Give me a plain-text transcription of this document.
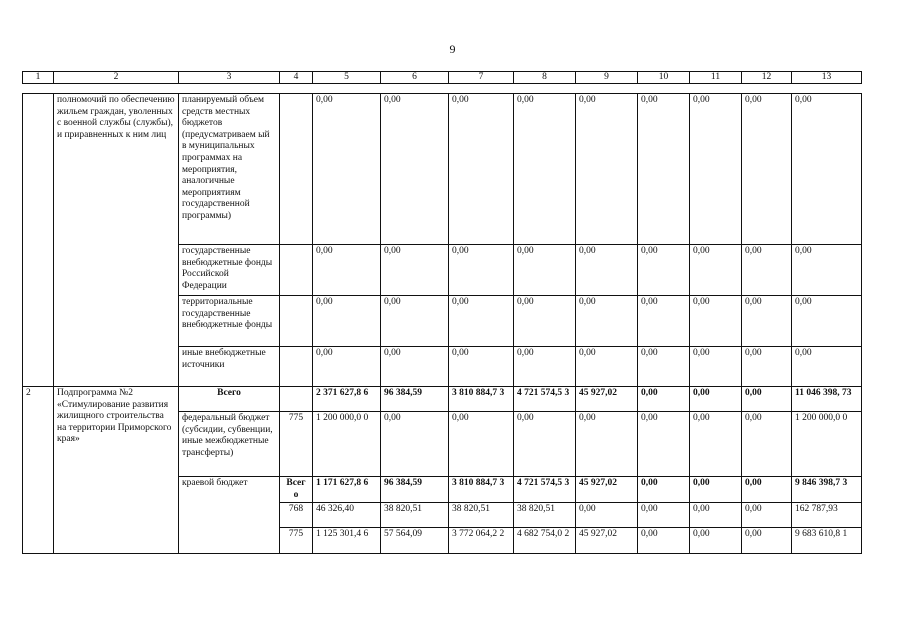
9
1	2	3	4	5	6	7	8	9	10	11	12	13
	полномочий по обеспечению жильем граждан, уволенных с военной службы (службы), и приравненных к ним лиц	планируемый объем средств местных бюджетов (предусматриваем ый в муниципальных программах на мероприятия, аналогичные мероприятиям государственной программы)		0,00	0,00	0,00	0,00	0,00	0,00	0,00	0,00	0,00
		государственные внебюджетные фонды Российской Федерации		0,00	0,00	0,00	0,00	0,00	0,00	0,00	0,00	0,00
		территориальные государственные внебюджетные фонды		0,00	0,00	0,00	0,00	0,00	0,00	0,00	0,00	0,00
		иные внебюджетные источники		0,00	0,00	0,00	0,00	0,00	0,00	0,00	0,00	0,00
2	Подпрограмма №2 «Стимулирование развития жилищного строительства на территории Приморского края»	Всего		2 371 627,8 6	96 384,59	3 810 884,7 3	4 721 574,5 3	45 927,02	0,00	0,00	0,00	11 046 398, 73
		федеральный бюджет (субсидии, субвенции, иные межбюджетные трансферты)	775	1 200 000,0 0	0,00	0,00	0,00	0,00	0,00	0,00	0,00	1 200 000,0 0
		краевой бюджет	Всег о	1 171 627,8 6	96 384,59	3 810 884,7 3	4 721 574,5 3	45 927,02	0,00	0,00	0,00	9 846 398,7 3
			768	46 326,40	38 820,51	38 820,51	38 820,51	0,00	0,00	0,00	0,00	162 787,93
			775	1 125 301,4 6	57 564,09	3 772 064,2 2	4 682 754,0 2	45 927,02	0,00	0,00	0,00	9 683 610,8 1
